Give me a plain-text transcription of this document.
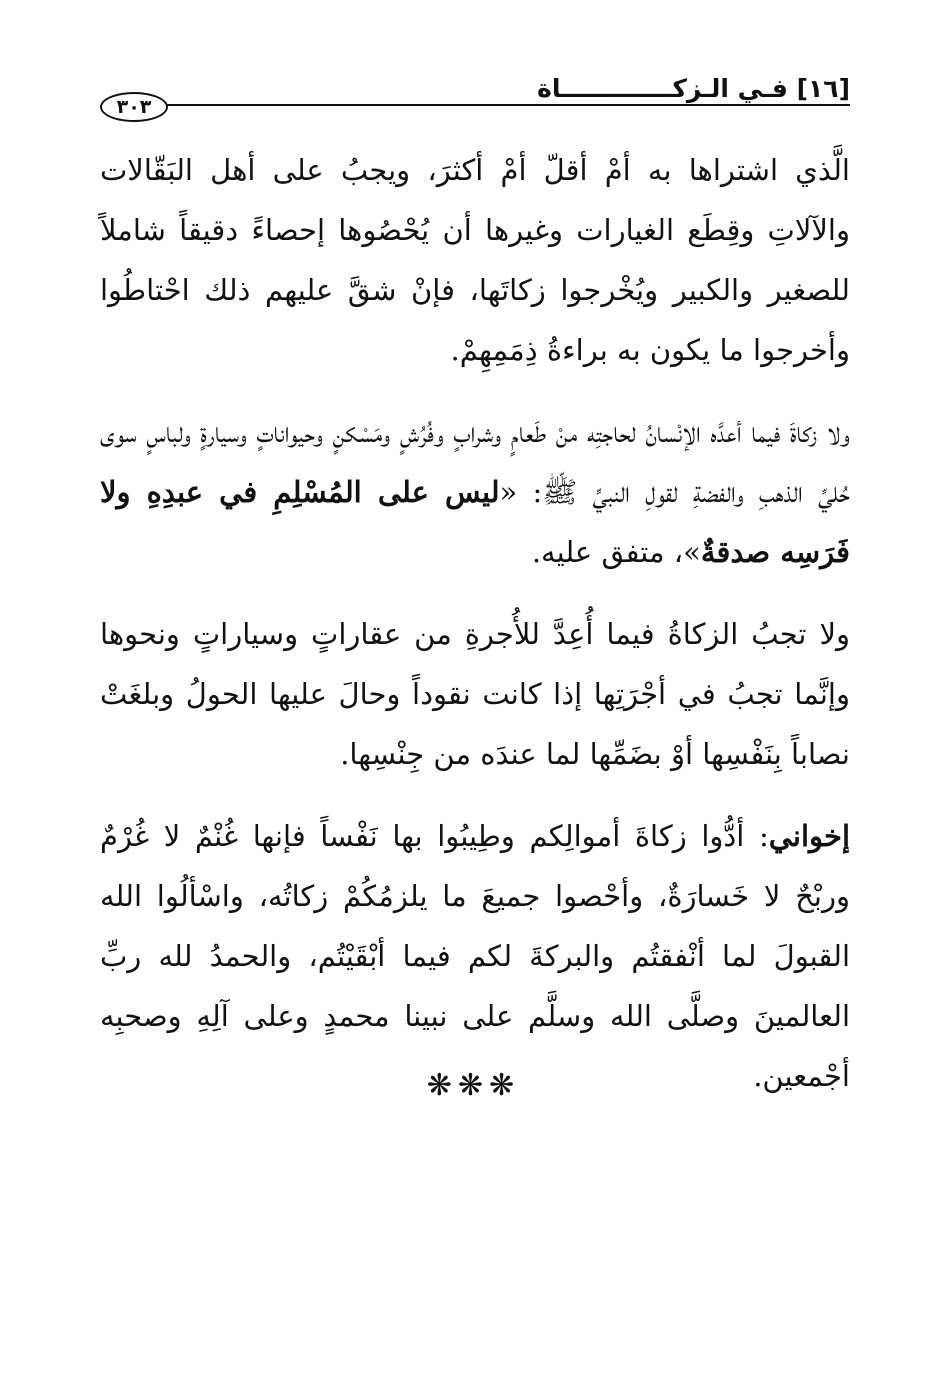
[١٦] فـي الـزكـــــــــــــاة
٣٠٣

الَّذي اشتراها به أمْ أقلّ أمْ أكثرَ، ويجبُ على أهل البَقّالات والآلاتِ وقِطَع الغيارات وغيرها أن يُحْصُوها إحصاءً دقيقاً شاملاً للصغير والكبير ويُخْرجوا زكاتَها، فإنْ شقَّ عليهم ذلك احْتاطُوا وأخرجوا ما يكون به براءةُ ذِمَمِهِمْ.

ولا زكاةَ فيما أعدَّه الإنْسانُ لحاجتِه منْ طَعامٍ وشرابٍ وفُرُشٍ ومَسْكنٍ وحيواناتٍ وسيارةٍ ولباسٍ سوى حُليِّ الذهبِ والفضةِ لقولِ النبيِّ ﷺ: «ليس على المُسْلِمِ في عبدِهِ ولا فَرَسِه صدقةٌ»، متفق عليه.

ولا تجبُ الزكاةُ فيما أُعِدَّ للأُجرةِ من عقاراتٍ وسياراتٍ ونحوها وإنَّما تجبُ في أجْرَتِها إذا كانت نقوداً وحالَ عليها الحولُ وبلغَتْ نصاباً بِنَفْسِها أوْ بضَمِّها لما عندَه من جِنْسِها.

إخواني: أدُّوا زكاةَ أموالِكم وطِيبُوا بها نَفْساً فإنها غُنْمٌ لا غُرْمٌ وربْحٌ لا خَسارَةٌ، وأحْصوا جميعَ ما يلزمُكُمْ زكاتُه، واسْألُوا الله القبولَ لما أنْفقتُم والبركةَ لكم فيما أبْقَيْتُم، والحمدُ لله ربِّ العالمينَ وصلَّى الله وسلَّم على نبينا محمدٍ وعلى آلِهِ وصحبِه أجْمعين.

❋❋❋
